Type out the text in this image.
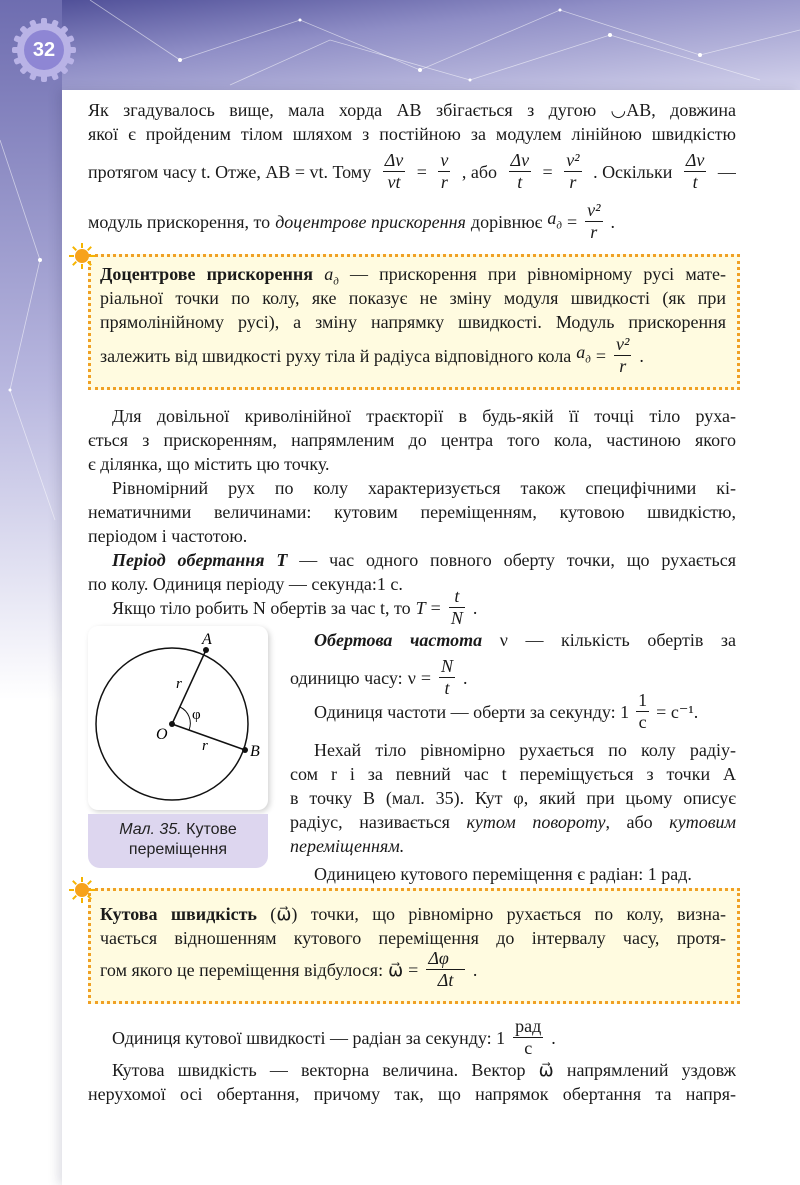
32
Як згадувалось вище, мала хорда AB збігається з дугою ◡AB, довжина
якої є пройденим тілом шляхом з постійною за модулем лінійною швидкістю
протягом часу t. Отже, AB = vt. Тому $\frac{\Delta v}{vt} = \frac{v}{r}$ , або $\frac{\Delta v}{t} = \frac{\text{v²}}{r}$ . Оскільки
Δv
t
—
модуль прискорення, то доцентрове прискорення дорівнює $a_д = \frac{\text{v²}}{r}$ .
Доцентрове прискорення $a_д$ — прискорення при рівномірному русі мате-
ріальної точки по колу, яке показує не зміну модуля швидкості (як при
прямолінійному русі), а зміну напрямку швидкості. Модуль прискорення
залежить від швидкості руху тіла й радіуса відповідного кола $a_д = \frac{\text{v²}}{r}$ .
Для довільної криволінійної траєкторії в будь-якій її точці тіло руха-
ється з прискоренням, напрямленим до центра того кола, частиною якого
є ділянка, що містить цю точку.
Рівномірний рух по колу характеризується також специфічними кі-
нематичними величинами: кутовим переміщенням, кутовою швидкістю,
періодом і частотою.
Період обертання T — час одного повного оберту точки, що рухається
по колу. Одиниця періоду — секунда:1 с.
Якщо тіло робить N обертів за час t, то $T = \frac{t}{N}$ .
A
B
O
r
r
φ
Мал. 35. Кутове
переміщення
Обертова частота ν — кількість обертів за
одиницю часу: $\nu = \frac{N}{t}$ .
Одиниця частоти — оберти за секунду: 1
1
с
= с⁻¹.
Нехай тіло рівномірно рухається по колу радіу-
сом r і за певний час t переміщується з точки A
в точку B (мал. 35). Кут φ, який при цьому описує
радіус, називається кутом повороту, або кутовим
переміщенням.
Одиницею кутового переміщення є радіан: 1 рад.
Кутова швидкість (ω⃗) точки, що рівномірно рухається по колу, визна-
чається відношенням кутового переміщення до інтервалу часу, протя-
гом якого це переміщення відбулося: ω⃗ = $\frac{\Delta\varphi⃗}{\Delta t}$ .
Одиниця кутової швидкості — радіан за секунду: 1
рад
с
.
Кутова швидкість — векторна величина. Вектор ω⃗ напрямлений уздовж
нерухомої осі обертання, причому так, що напрямок обертання та напря-
